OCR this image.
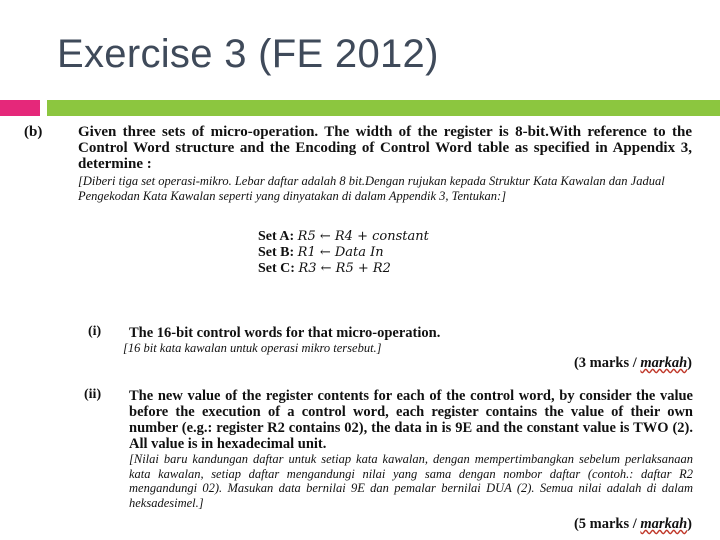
Exercise 3 (FE 2012)
(b) Given three sets of micro-operation. The width of the register is 8-bit.With reference to the Control Word structure and the Encoding of Control Word table as specified in Appendix 3, determine :
[Diberi tiga set operasi-mikro. Lebar daftar adalah 8 bit.Dengan rujukan kepada Struktur Kata Kawalan dan Jadual Pengekodan Kata Kawalan seperti yang dinyatakan di dalam Appendik 3, Tentukan:]
Set A: R5 ← R4 + constant
Set B: R1 ← Data In
Set C: R3 ← R5 + R2
(i) The 16-bit control words for that micro-operation.
[16 bit kata kawalan untuk operasi mikro tersebut.]
(3 marks / markah)
(ii) The new value of the register contents for each of the control word, by consider the value before the execution of a control word, each register contains the value of their own number (e.g.: register R2 contains 02), the data in is 9E and the constant value is TWO (2). All value is in hexadecimal unit.
[Nilai baru kandungan daftar untuk setiap kata kawalan, dengan mempertimbangkan sebelum perlaksanaan kata kawalan, setiap daftar mengandungi nilai yang sama dengan nombor daftar (contoh.: daftar R2 mengandungi 02). Masukan data bernilai 9E dan pemalar bernilai DUA (2). Semua nilai adalah di dalam heksadesimel.]
(5 marks / markah)
